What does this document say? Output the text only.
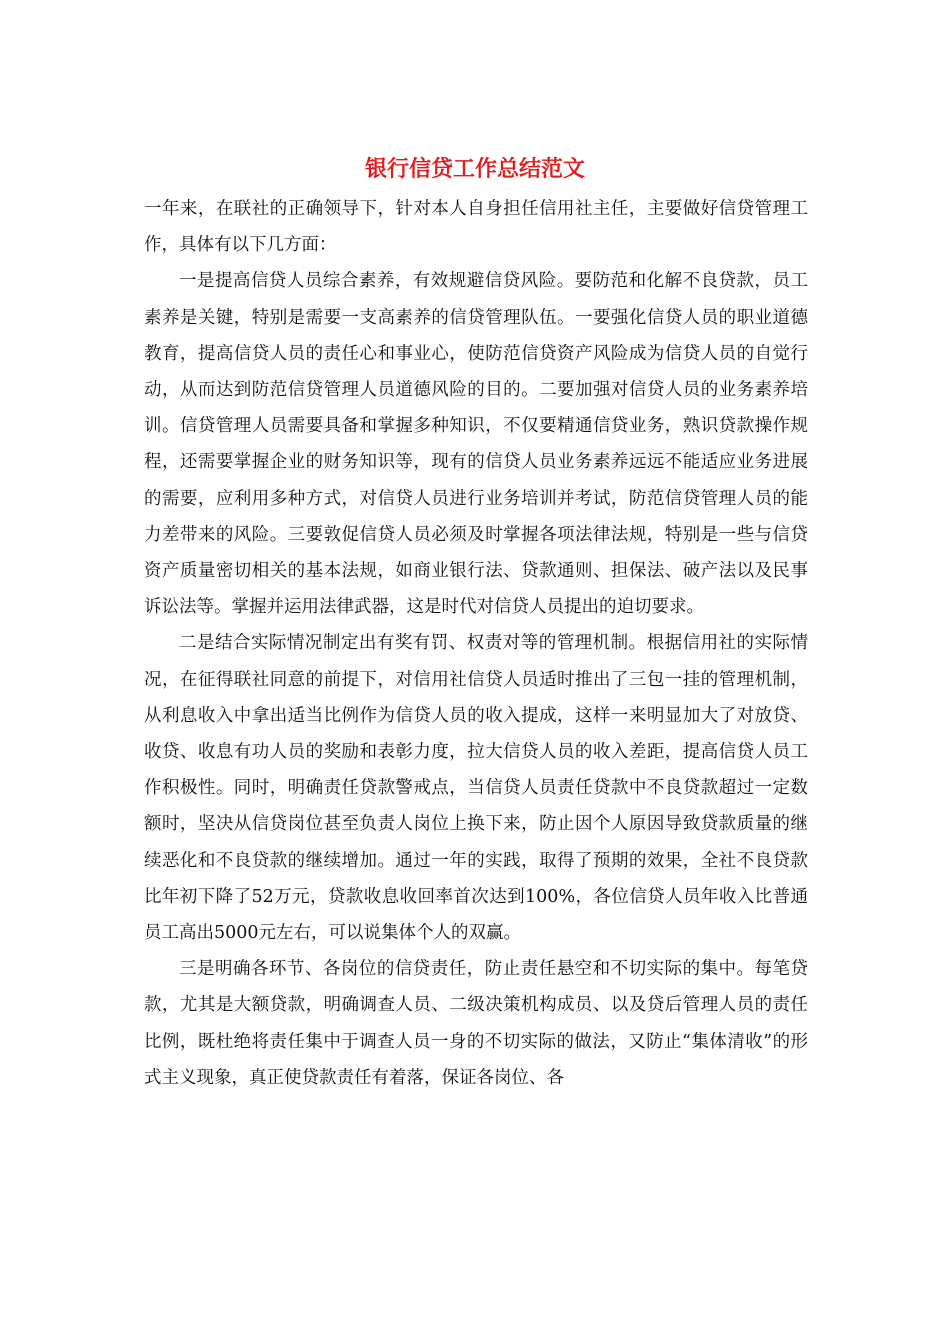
银行信贷工作总结范文

一年来，在联社的正确领导下，针对本人自身担任信用社主任，主要做好信贷管理工作，具体有以下几方面：

一是提高信贷人员综合素养，有效规避信贷风险。要防范和化解不良贷款，员工素养是关键，特别是需要一支高素养的信贷管理队伍。一要强化信贷人员的职业道德教育，提高信贷人员的责任心和事业心，使防范信贷资产风险成为信贷人员的自觉行动，从而达到防范信贷管理人员道德风险的目的。二要加强对信贷人员的业务素养培训。信贷管理人员需要具备和掌握多种知识，不仅要精通信贷业务，熟识贷款操作规程，还需要掌握企业的财务知识等，现有的信贷人员业务素养远远不能适应业务进展的需要，应利用多种方式，对信贷人员进行业务培训并考试，防范信贷管理人员的能力差带来的风险。三要敦促信贷人员必须及时掌握各项法律法规，特别是一些与信贷资产质量密切相关的基本法规，如商业银行法、贷款通则、担保法、破产法以及民事诉讼法等。掌握并运用法律武器，这是时代对信贷人员提出的迫切要求。

二是结合实际情况制定出有奖有罚、权责对等的管理机制。根据信用社的实际情况，在征得联社同意的前提下，对信用社信贷人员适时推出了三包一挂的管理机制，从利息收入中拿出适当比例作为信贷人员的收入提成，这样一来明显加大了对放贷、收贷、收息有功人员的奖励和表彰力度，拉大信贷人员的收入差距，提高信贷人员工作积极性。同时，明确责任贷款警戒点，当信贷人员责任贷款中不良贷款超过一定数额时，坚决从信贷岗位甚至负责人岗位上换下来，防止因个人原因导致贷款质量的继续恶化和不良贷款的继续增加。通过一年的实践，取得了预期的效果，全社不良贷款比年初下降了52万元，贷款收息收回率首次达到100%，各位信贷人员年收入比普通员工高出5000元左右，可以说集体个人的双赢。

三是明确各环节、各岗位的信贷责任，防止责任悬空和不切实际的集中。每笔贷款，尤其是大额贷款，明确调查人员、二级决策机构成员、以及贷后管理人员的责任比例，既杜绝将责任集中于调查人员一身的不切实际的做法，又防止“集体清收”的形式主义现象，真正使贷款责任有着落，保证各岗位、各
